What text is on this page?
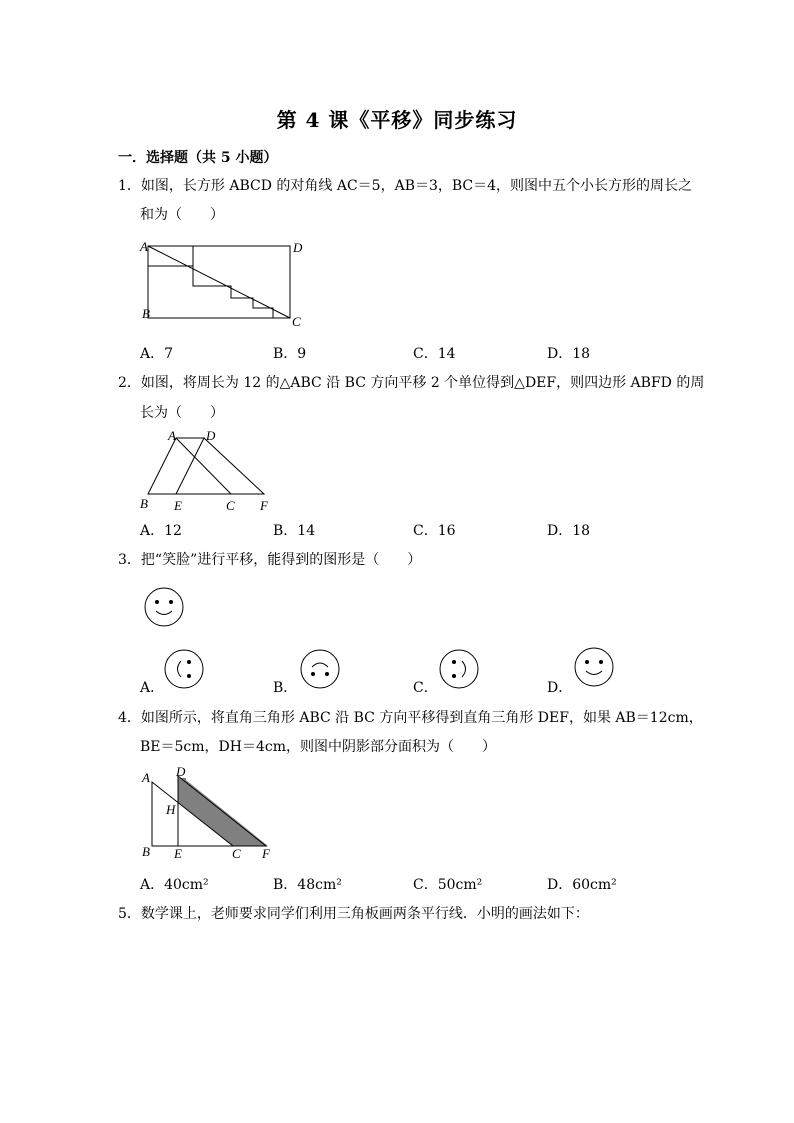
第 4 课《平移》同步练习
一．选择题（共 5 小题）
1．如图，长方形 ABCD 的对角线 AC＝5，AB＝3，BC＝4，则图中五个小长方形的周长之
和为（　　）
A	D
B
C
A．7	B．9	C．14	D．18
2．如图，将周长为 12 的△ABC 沿 BC 方向平移 2 个单位得到△DEF，则四边形 ABFD 的周
长为（　　）
A D
B E	C F
A．12	B．14	C．16	D．18
3．把“笑脸”进行平移，能得到的图形是（　　）
A．	B．	C．	D．
4．如图所示，将直角三角形 ABC 沿 BC 方向平移得到直角三角形 DEF，如果 AB＝12cm，
BE＝5cm，DH＝4cm，则图中阴影部分面积为（　　）
A D
H
B E	C F
A．40cm²	B．48cm²	C．50cm²	D．60cm²
5．数学课上，老师要求同学们利用三角板画两条平行线．小明的画法如下：
